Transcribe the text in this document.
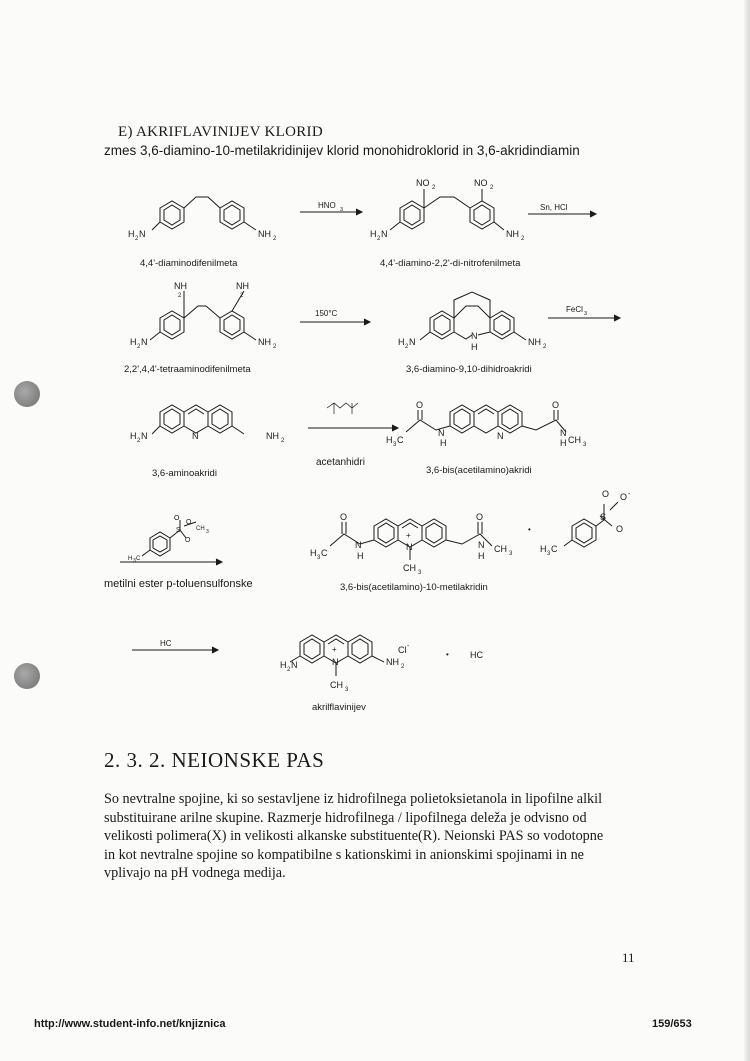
E) AKRIFLAVINIJEV KLORID
zmes 3,6-diamino-10-metilakridinijev klorid monohidroklorid in 3,6-akridindiamin
H 2 N	NH 2	H 2 N	NH 2
NO 2	NO 2
NH
2
NH
2
H 2 N	NH 2	H 2 N
N
H	NH 2
H 2 N	N	NH 2
O
H 3 C
N
H
N	N
H
O
CH 3
O
S
O
CH 3
O
H 3 C
O
H 3 C
N
H
+
N
CH 3
O
N
H
CH 3
•
H 3 C
O
S
O -
O
H 2 N
+
N
CH 3
NH 2
Cl -
• HC
HNO 3	Sn, HCl
150°C	FeCl 3
HC
acetanhidri
4,4'-diaminodifenilmeta	4,4'-diamino-2,2'-di-nitrofenilmeta
2,2',4,4'-tetraaminodifenilmeta	3,6-diamino-9,10-dihidroakridi
3,6-aminoakridi	3,6-bis(acetilamino)akridi
metilni ester p-toluensulfonske	3,6-bis(acetilamino)-10-metilakridin
akrilflavinijev
2. 3. 2. NEIONSKE PAS
So nevtralne spojine, ki so sestavljene iz hidrofilnega polietoksietanola in lipofilne alkil
substituirane arilne skupine. Razmerje hidrofilnega / lipofilnega deleža je odvisno od
velikosti polimera(X) in velikosti alkanske substituente(R). Neionski PAS so vodotopne
in kot nevtralne spojine so kompatibilne s kationskimi in anionskimi spojinami in ne
vplivajo na pH vodnega medija.
11
http://www.student-info.net/knjiznica	159/653
